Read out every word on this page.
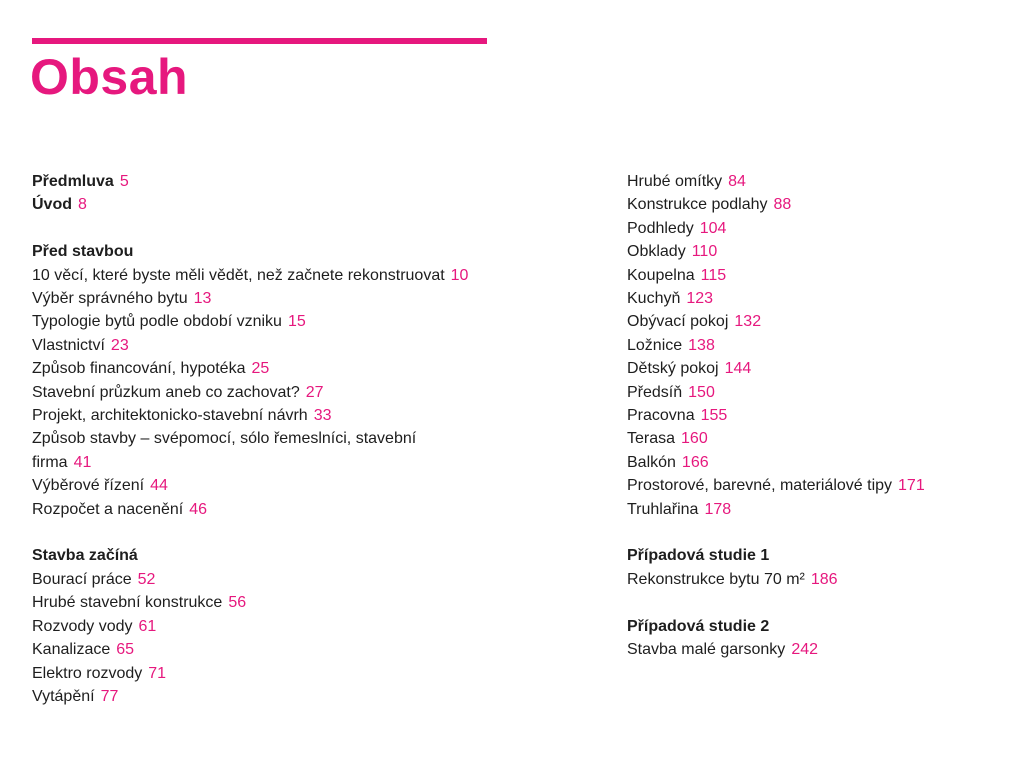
Obsah

Předmluva 5

Úvod 8

Před stavbou

10 věcí, které byste měli vědět, než začnete rekonstruovat 10

Výběr správného bytu 13

Typologie bytů podle období vzniku 15

Vlastnictví 23

Způsob financování, hypotéka 25

Stavební průzkum aneb co zachovat? 27

Projekt, architektonicko-stavební návrh 33

Způsob stavby – svépomocí, sólo řemeslníci, stavební firma 41

Výběrové řízení 44

Rozpočet a nacenění 46

Stavba začíná

Bourací práce 52

Hrubé stavební konstrukce 56

Rozvody vody 61

Kanalizace 65

Elektro rozvody 71

Vytápění 77

Hrubé omítky 84

Konstrukce podlahy 88

Podhledy 104

Obklady 110

Koupelna 115

Kuchyň 123

Obývací pokoj 132

Ložnice 138

Dětský pokoj 144

Předsíň 150

Pracovna 155

Terasa 160

Balkón 166

Prostorové, barevné, materiálové tipy 171

Truhlařina 178

Případová studie 1

Rekonstrukce bytu 70 m² 186

Případová studie 2

Stavba malé garsonky 242
